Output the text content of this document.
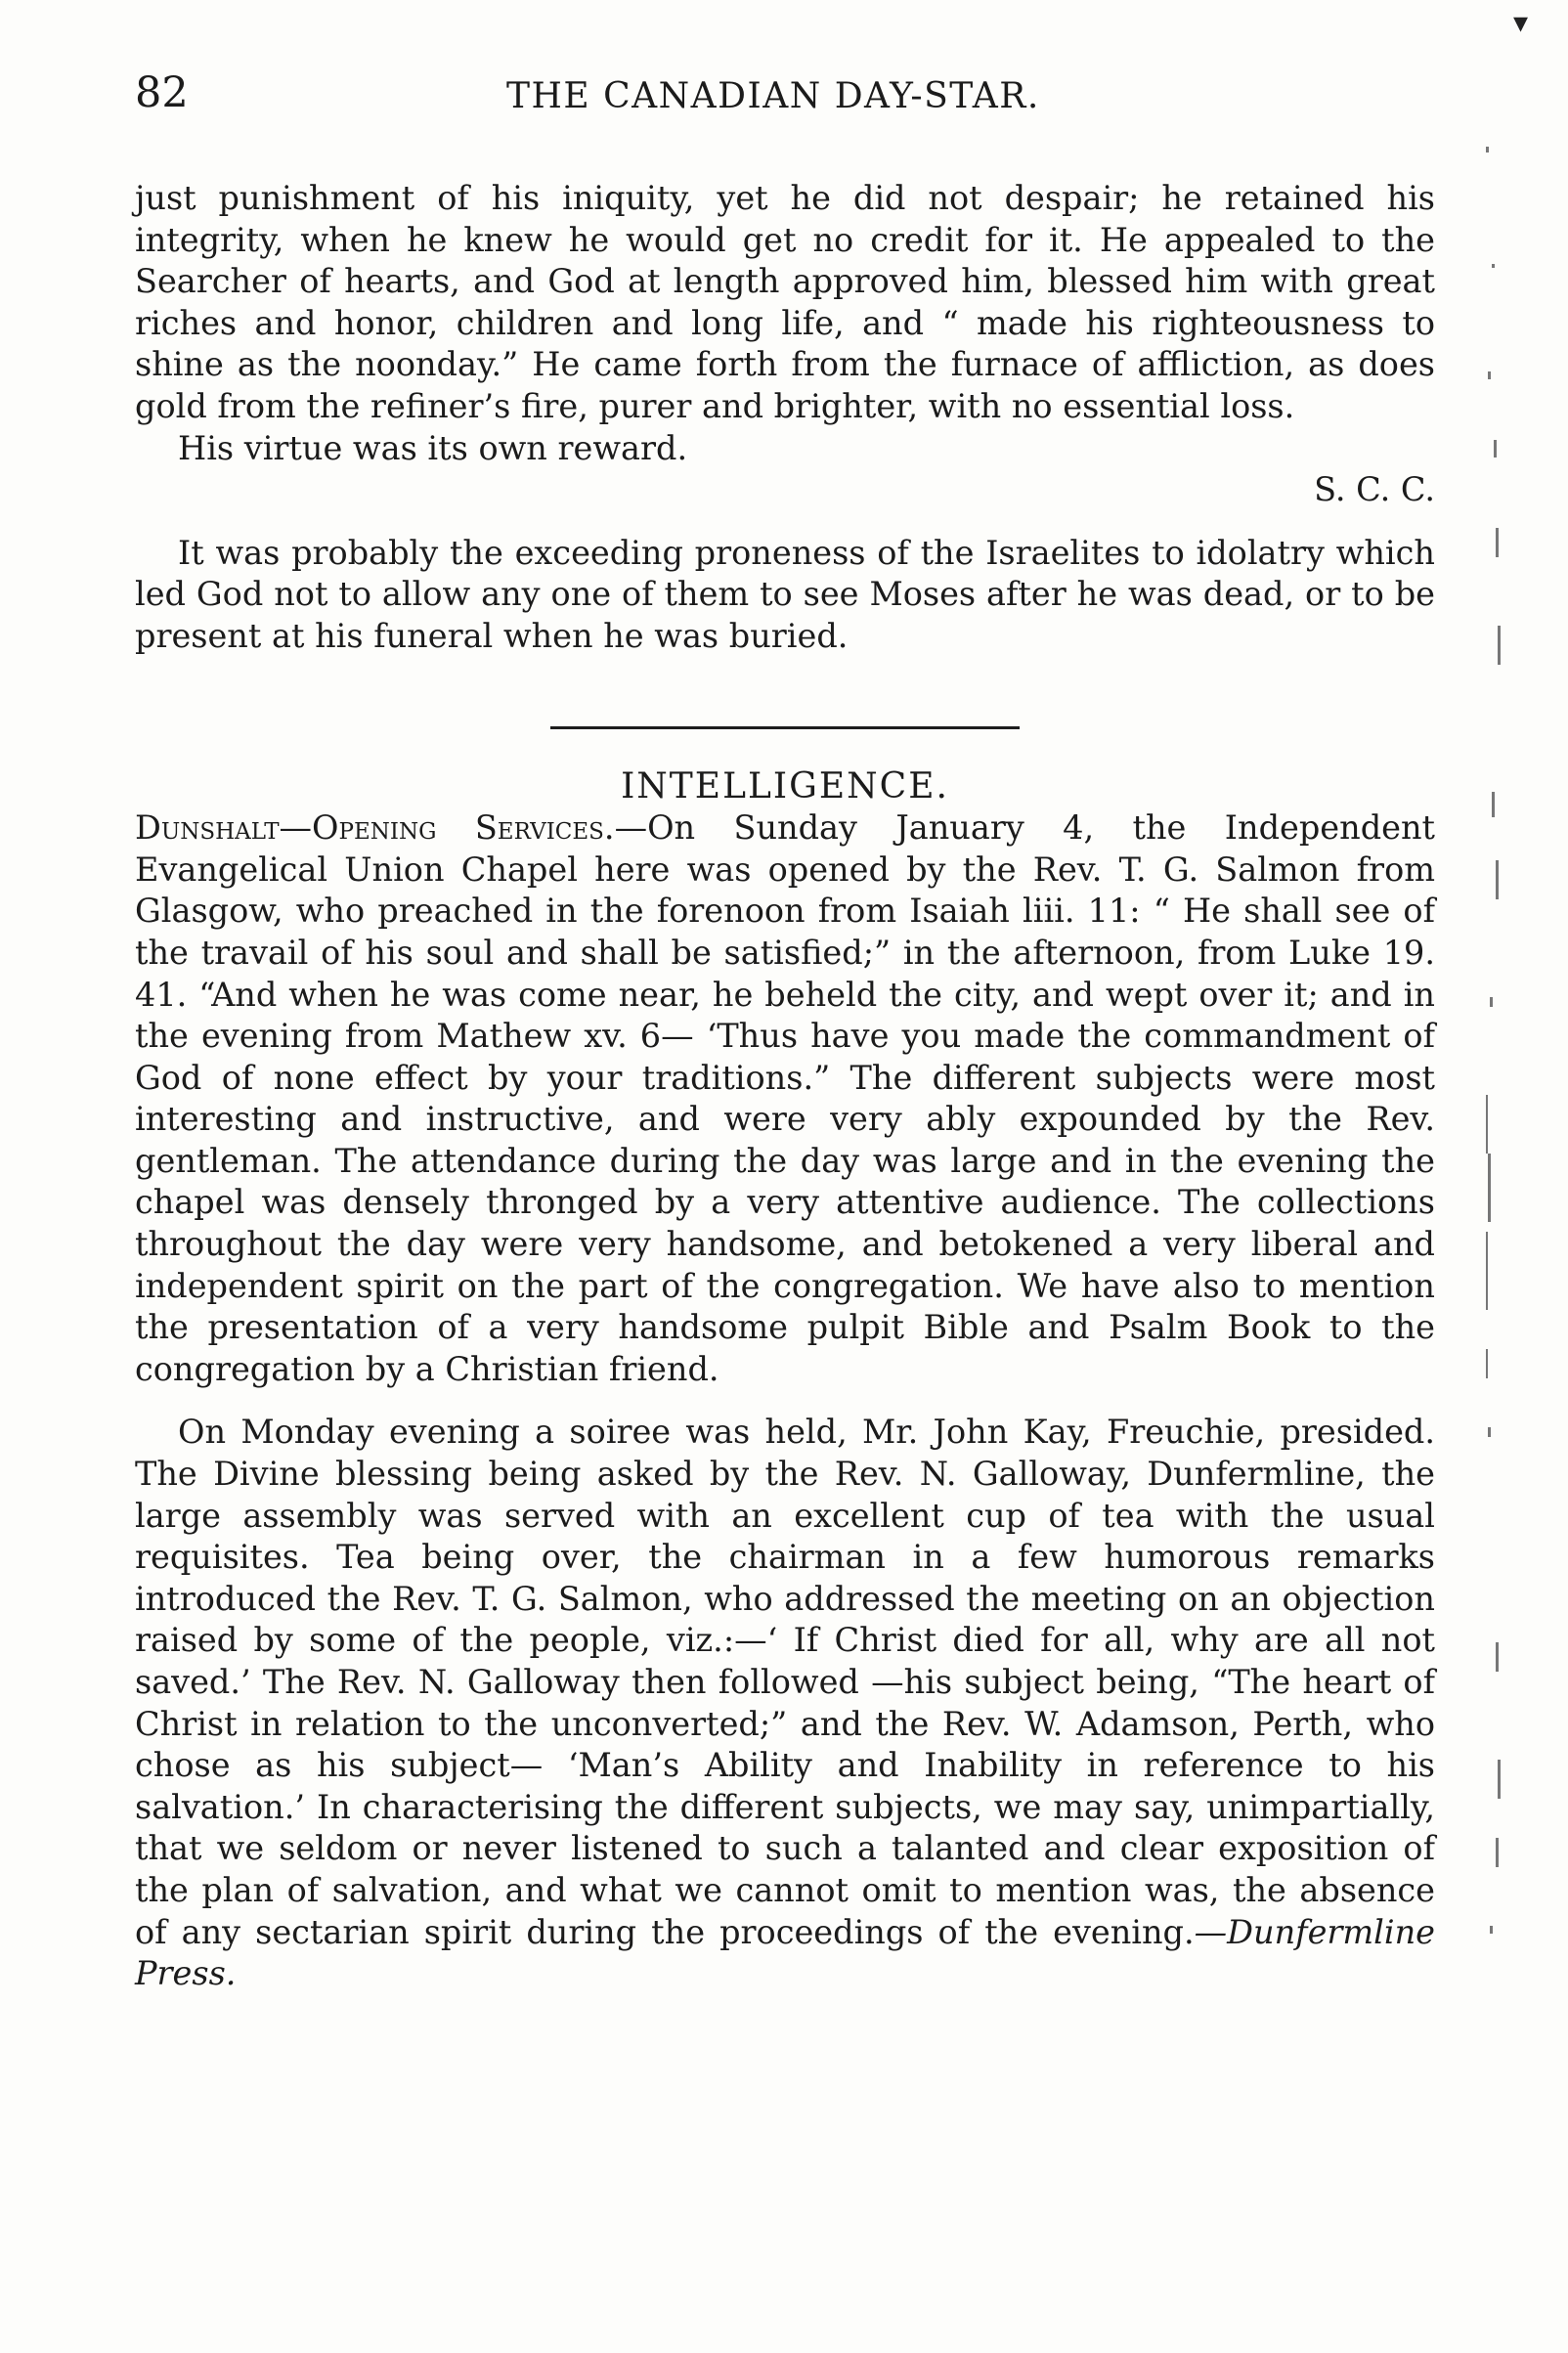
82	THE CANADIAN DAY-STAR.

just punishment of his iniquity, yet he did not despair; he retained his integrity, when he knew he would get no credit for it. He appealed to the Searcher of hearts, and God at length approved him, blessed him with great riches and honor, children and long life, and “ made his righteousness to shine as the noonday.” He came forth from the furnace of affliction, as does gold from the refiner’s fire, purer and brighter, with no essential loss.

His virtue was its own reward.

S. C. C.

It was probably the exceeding proneness of the Israelites to idolatry which led God not to allow any one of them to see Moses after he was dead, or to be present at his funeral when he was buried.

INTELLIGENCE.

Dunshalt—Opening Services.—On Sunday January 4, the Independent Evangelical Union Chapel here was opened by the Rev. T. G. Salmon from Glasgow, who preached in the forenoon from Isaiah liii. 11: “ He shall see of the travail of his soul and shall be satisfied;” in the afternoon, from Luke 19. 41. “And when he was come near, he beheld the city, and wept over it; and in the evening from Mathew xv. 6— ‘Thus have you made the commandment of God of none effect by your traditions.” The different subjects were most interesting and instructive, and were very ably expounded by the Rev. gentleman. The attendance during the day was large and in the evening the chapel was densely thronged by a very attentive audience. The collections throughout the day were very handsome, and betokened a very liberal and independent spirit on the part of the congregation. We have also to mention the presentation of a very handsome pulpit Bible and Psalm Book to the congregation by a Christian friend.

On Monday evening a soiree was held, Mr. John Kay, Freuchie, presided. The Divine blessing being asked by the Rev. N. Galloway, Dunfermline, the large assembly was served with an excellent cup of tea with the usual requisites. Tea being over, the chairman in a few humorous remarks introduced the Rev. T. G. Salmon, who addressed the meeting on an objection raised by some of the people, viz.:—‘ If Christ died for all, why are all not saved.’ The Rev. N. Galloway then followed —his subject being, “The heart of Christ in relation to the unconverted;” and the Rev. W. Adamson, Perth, who chose as his subject— ‘Man’s Ability and Inability in reference to his salvation.’ In characterising the different subjects, we may say, unimpartially, that we seldom or never listened to such a talanted and clear exposition of the plan of salvation, and what we cannot omit to mention was, the absence of any sectarian spirit during the proceedings of the evening.—Dunfermline Press.

▾
